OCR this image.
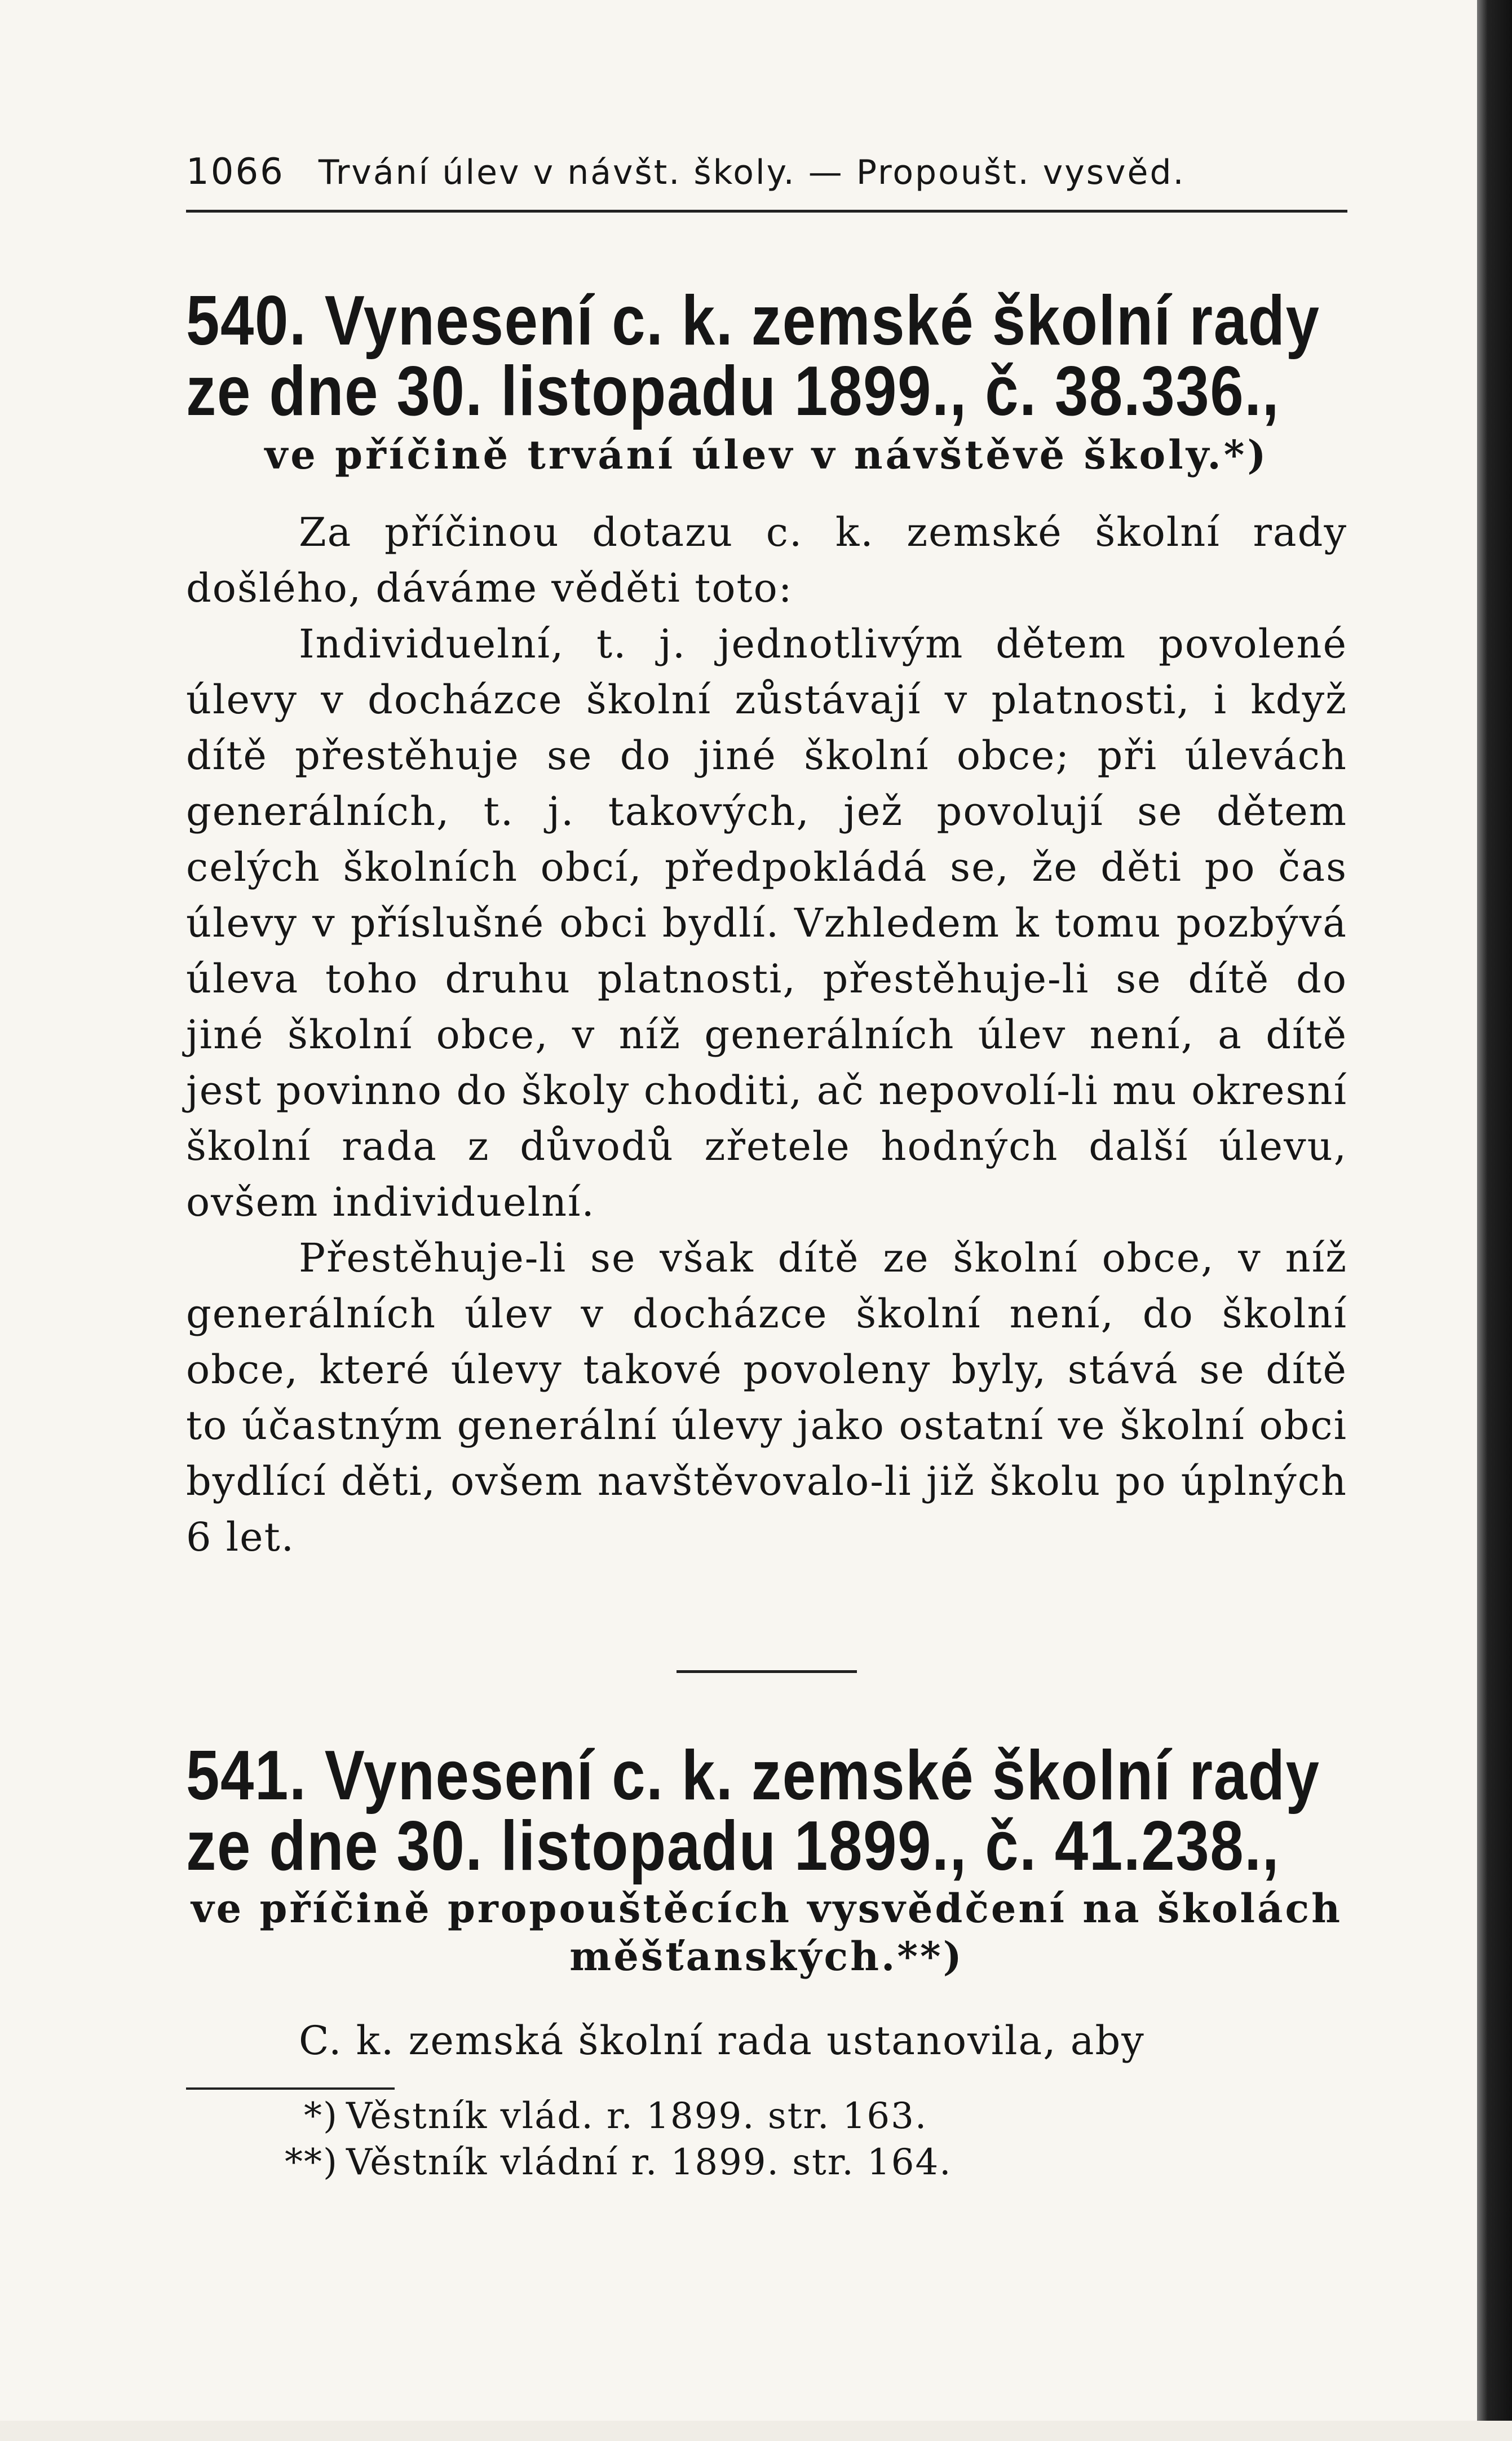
1066 Trvání úlev v návšt. školy. — Propoušt. vysvěd.
540. Vynesení c. k. zemské školní rady
ze dne 30. listopadu 1899., č. 38.336.,
ve příčině trvání úlev v návštěvě školy.*)

Za příčinou dotazu c. k. zemské školní rady došlého, dáváme věděti toto:

Individuelní, t. j. jednotlivým dětem povolené úlevy v docházce školní zůstávají v platnosti, i když dítě přestěhuje se do jiné školní obce; při úlevách generálních, t. j. takových, jež povolují se dětem celých školních obcí, předpokládá se, že děti po čas úlevy v příslušné obci bydlí. Vzhledem k tomu pozbývá úleva toho druhu platnosti, přestěhuje-li se dítě do jiné školní obce, v níž generálních úlev není, a dítě jest povinno do školy choditi, ač nepovolí-li mu okresní školní rada z důvodů zřetele hodných další úlevu, ovšem individuelní.

Přestěhuje-li se však dítě ze školní obce, v níž generálních úlev v docházce školní není, do školní obce, které úlevy takové povoleny byly, stává se dítě to účastným generální úlevy jako ostatní ve školní obci bydlící děti, ovšem navštěvovalo-li již školu po úplných 6 let.

541. Vynesení c. k. zemské školní rady
ze dne 30. listopadu 1899., č. 41.238.,
ve příčině propouštěcích vysvědčení na školách
měšťanských.**)

C. k. zemská školní rada ustanovila, aby

*) Věstník vlád. r. 1899. str. 163.
**) Věstník vládní r. 1899. str. 164.
